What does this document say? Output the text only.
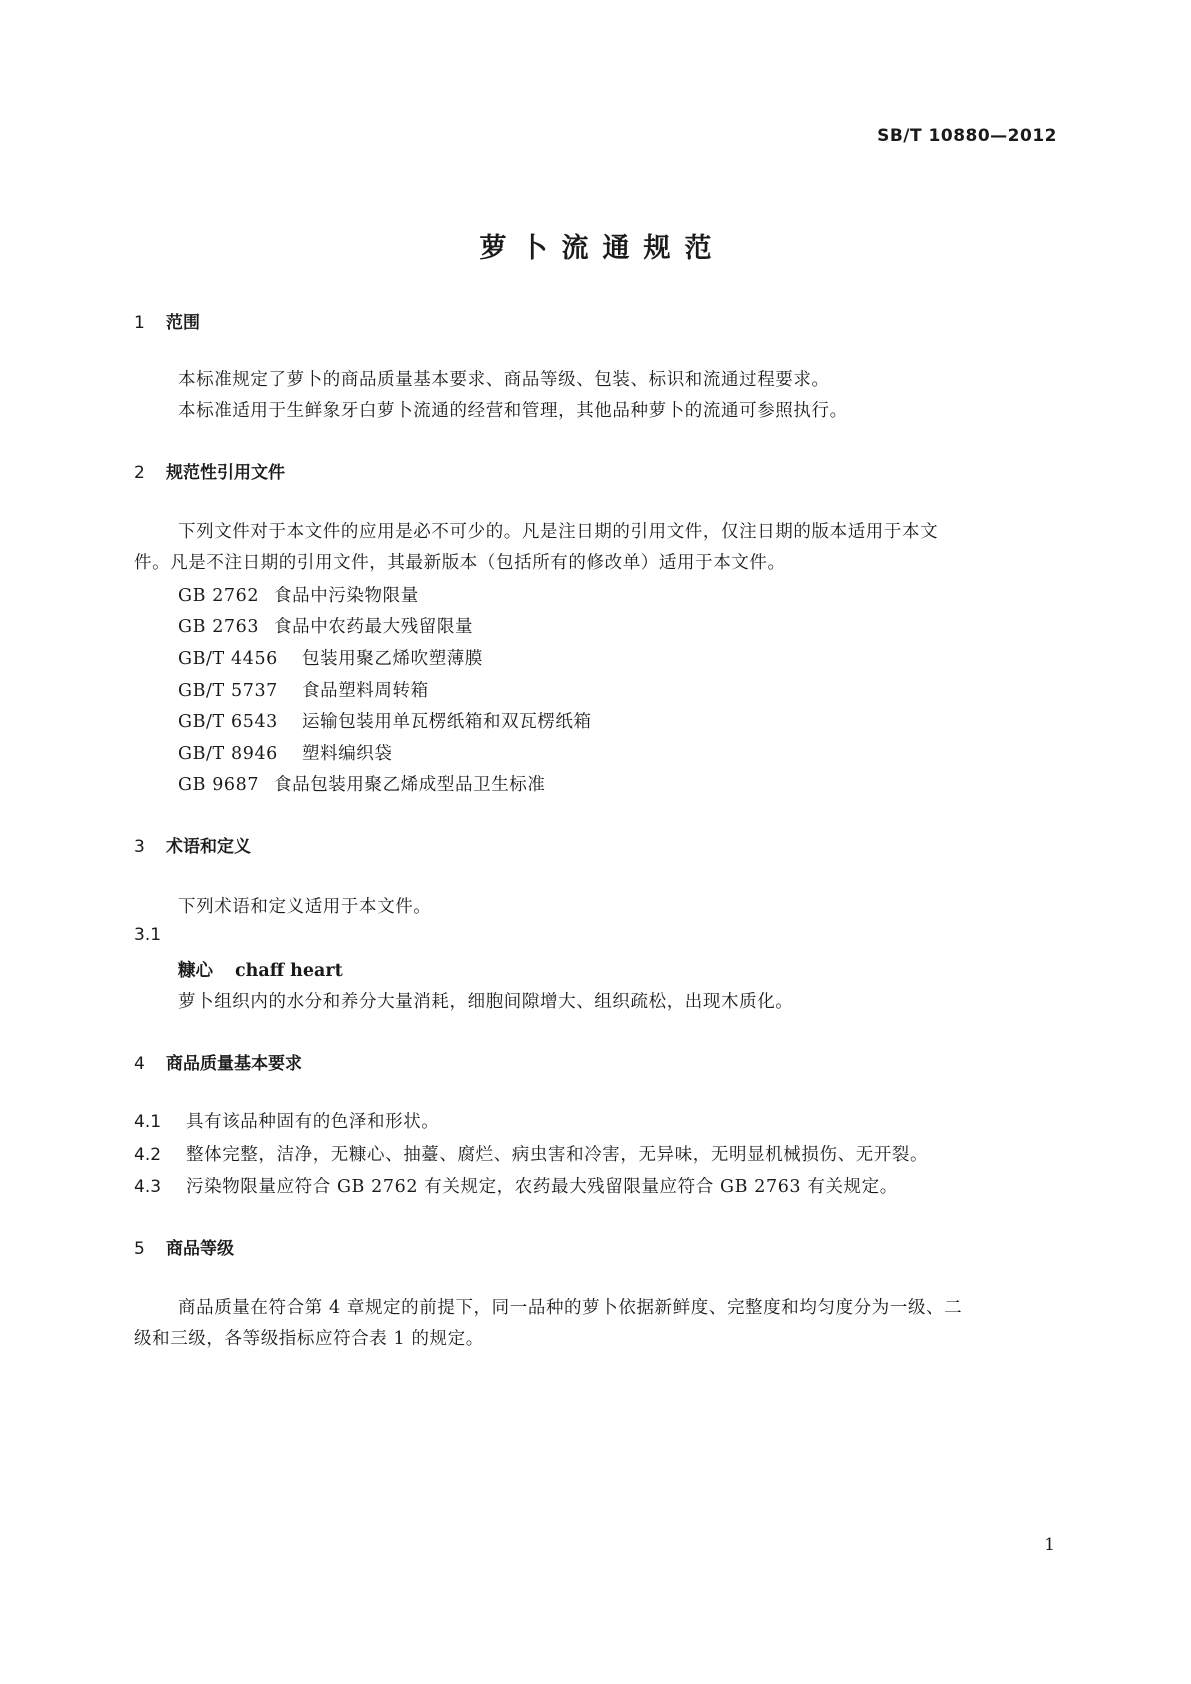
SB/T 10880—2012
萝卜流通规范
1 范围
本标准规定了萝卜的商品质量基本要求、商品等级、包装、标识和流通过程要求。
本标准适用于生鲜象牙白萝卜流通的经营和管理，其他品种萝卜的流通可参照执行。
2 规范性引用文件
下列文件对于本文件的应用是必不可少的。凡是注日期的引用文件，仅注日期的版本适用于本文
件。凡是不注日期的引用文件，其最新版本（包括所有的修改单）适用于本文件。
GB 2762 食品中污染物限量
GB 2763 食品中农药最大残留限量
GB/T 4456 包装用聚乙烯吹塑薄膜
GB/T 5737 食品塑料周转箱
GB/T 6543 运输包装用单瓦楞纸箱和双瓦楞纸箱
GB/T 8946 塑料编织袋
GB 9687 食品包装用聚乙烯成型品卫生标准
3 术语和定义
下列术语和定义适用于本文件。
3.1
糠心 chaff heart
萝卜组织内的水分和养分大量消耗，细胞间隙增大、组织疏松，出现木质化。
4 商品质量基本要求
4.1 具有该品种固有的色泽和形状。
4.2 整体完整，洁净，无糠心、抽薹、腐烂、病虫害和冷害，无异味，无明显机械损伤、无开裂。
4.3 污染物限量应符合 GB 2762 有关规定，农药最大残留限量应符合 GB 2763 有关规定。
5 商品等级
商品质量在符合第 4 章规定的前提下，同一品种的萝卜依据新鲜度、完整度和均匀度分为一级、二
级和三级，各等级指标应符合表 1 的规定。
1
